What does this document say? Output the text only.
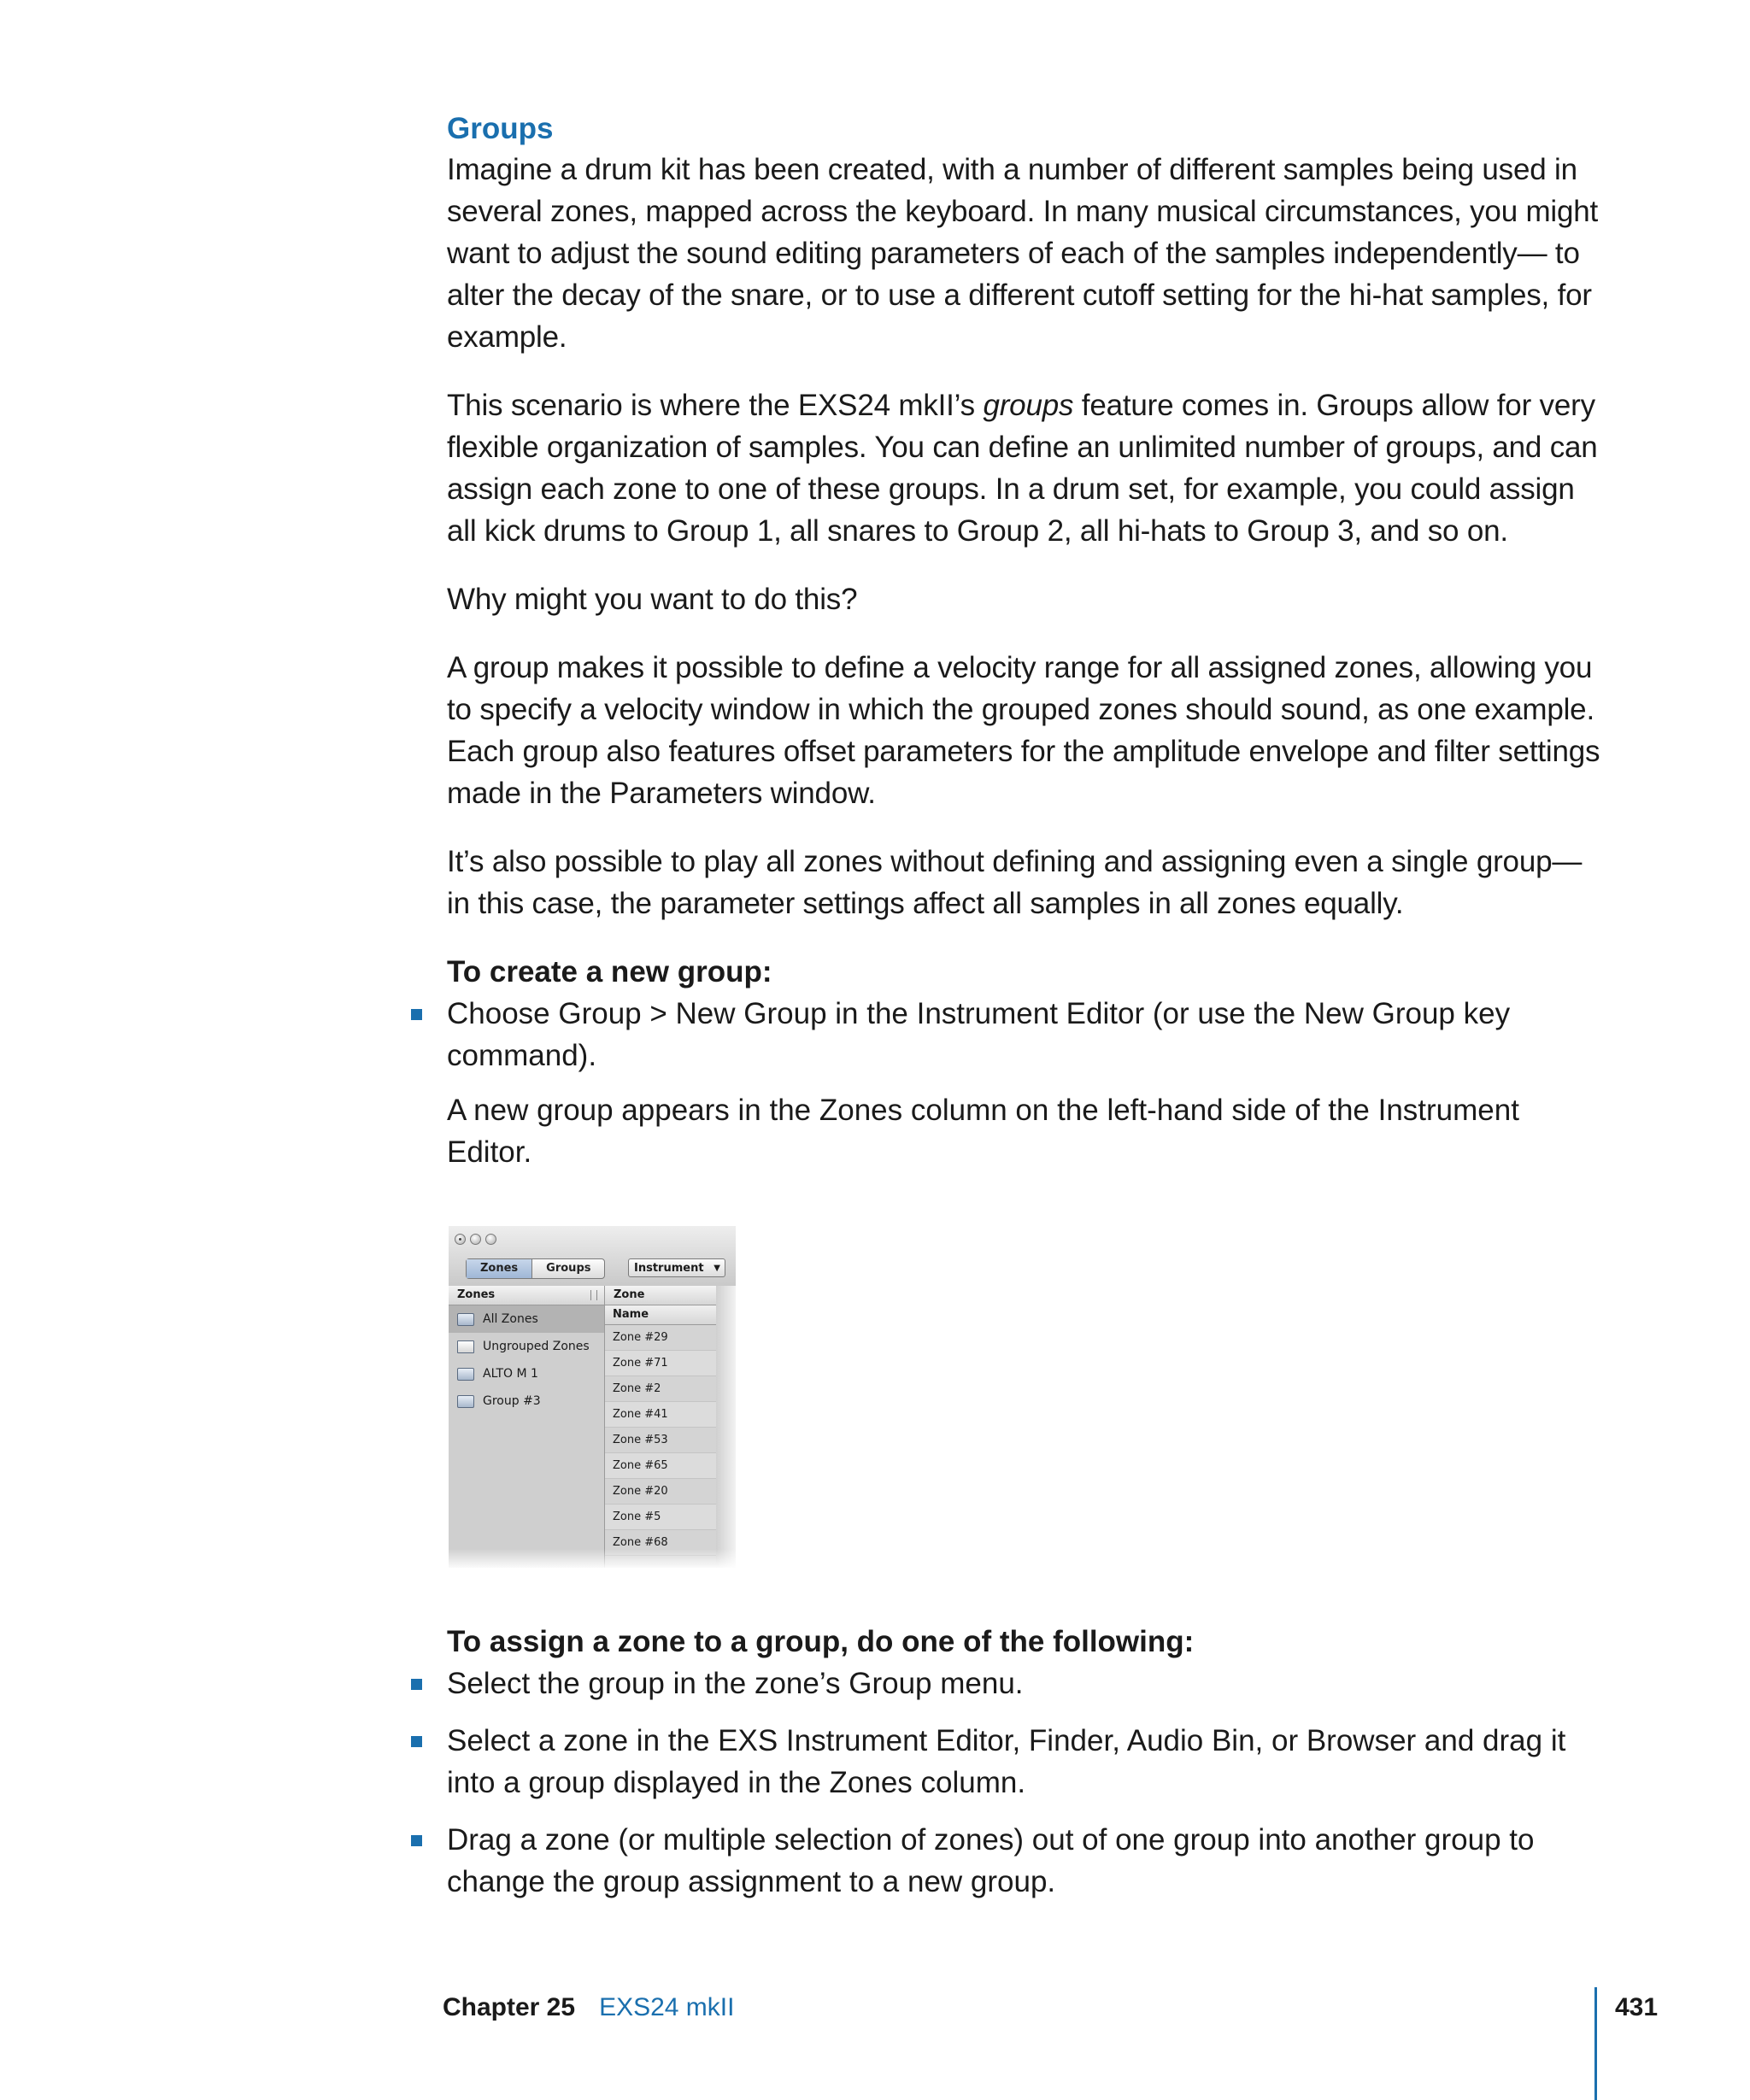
Groups

Imagine a drum kit has been created, with a number of different samples being used in several zones, mapped across the keyboard. In many musical circumstances, you might want to adjust the sound editing parameters of each of the samples independently— to alter the decay of the snare, or to use a different cutoff setting for the hi-hat samples, for example.

This scenario is where the EXS24 mkII’s groups feature comes in. Groups allow for very flexible organization of samples. You can define an unlimited number of groups, and can assign each zone to one of these groups. In a drum set, for example, you could assign all kick drums to Group 1, all snares to Group 2, all hi-hats to Group 3, and so on.

Why might you want to do this?

A group makes it possible to define a velocity range for all assigned zones, allowing you to specify a velocity window in which the grouped zones should sound, as one example. Each group also features offset parameters for the amplitude envelope and filter settings made in the Parameters window.

It’s also possible to play all zones without defining and assigning even a single group— in this case, the parameter settings affect all samples in all zones equally.

To create a new group:

Choose Group > New Group in the Instrument Editor (or use the New Group key command).

A new group appears in the Zones column on the left-hand side of the Instrument Editor.

Zones	Groups	Instrument ▼
Zones
All Zones
Ungrouped Zones
ALTO M 1
Group #3
Zone
Name
Zone #29
Zone #71
Zone #2
Zone #41
Zone #53
Zone #65
Zone #20
Zone #5
Zone #68

To assign a zone to a group, do one of the following:

Select the group in the zone’s Group menu.
Select a zone in the EXS Instrument Editor, Finder, Audio Bin, or Browser and drag it into a group displayed in the Zones column.
Drag a zone (or multiple selection of zones) out of one group into another group to change the group assignment to a new group.
Chapter 25 EXS24 mkII	431
